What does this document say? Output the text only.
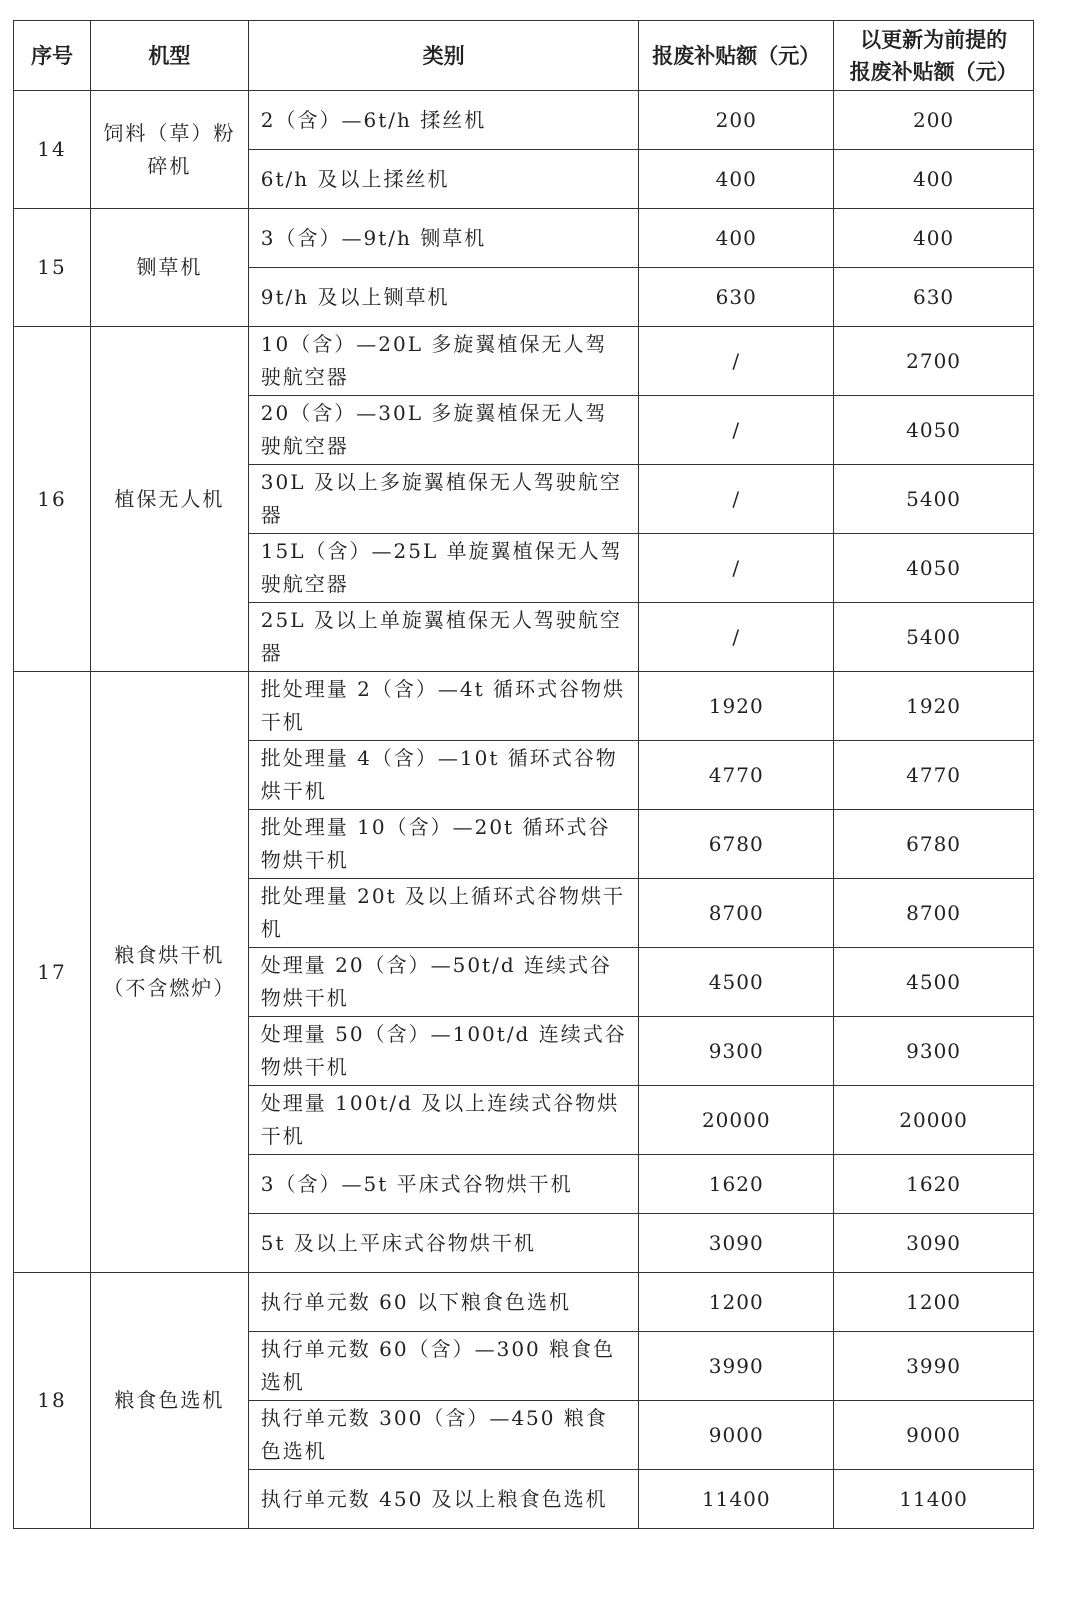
序号	机型	类别	报废补贴额（元）	以更新为前提的
报废补贴额（元）
14	饲料（草）粉碎机	2（含）—6t/h 揉丝机	200	200
		6t/h 及以上揉丝机	400	400
15	铡草机	3（含）—9t/h 铡草机	400	400
		9t/h 及以上铡草机	630	630
16	植保无人机	10（含）—20L 多旋翼植保无人驾驶航空器	/	2700
		20（含）—30L 多旋翼植保无人驾驶航空器	/	4050
		30L 及以上多旋翼植保无人驾驶航空器	/	5400
		15L（含）—25L 单旋翼植保无人驾驶航空器	/	4050
		25L 及以上单旋翼植保无人驾驶航空器	/	5400
17	粮食烘干机（不含燃炉）	批处理量 2（含）—4t 循环式谷物烘干机	1920	1920
		批处理量 4（含）—10t 循环式谷物烘干机	4770	4770
		批处理量 10（含）—20t 循环式谷物烘干机	6780	6780
		批处理量 20t 及以上循环式谷物烘干机	8700	8700
		处理量 20（含）—50t/d 连续式谷物烘干机	4500	4500
		处理量 50（含）—100t/d 连续式谷物烘干机	9300	9300
		处理量 100t/d 及以上连续式谷物烘干机	20000	20000
		3（含）—5t 平床式谷物烘干机	1620	1620
		5t 及以上平床式谷物烘干机	3090	3090
18	粮食色选机	执行单元数 60 以下粮食色选机	1200	1200
		执行单元数 60（含）—300 粮食色选机	3990	3990
		执行单元数 300（含）—450 粮食色选机	9000	9000
		执行单元数 450 及以上粮食色选机	11400	11400
